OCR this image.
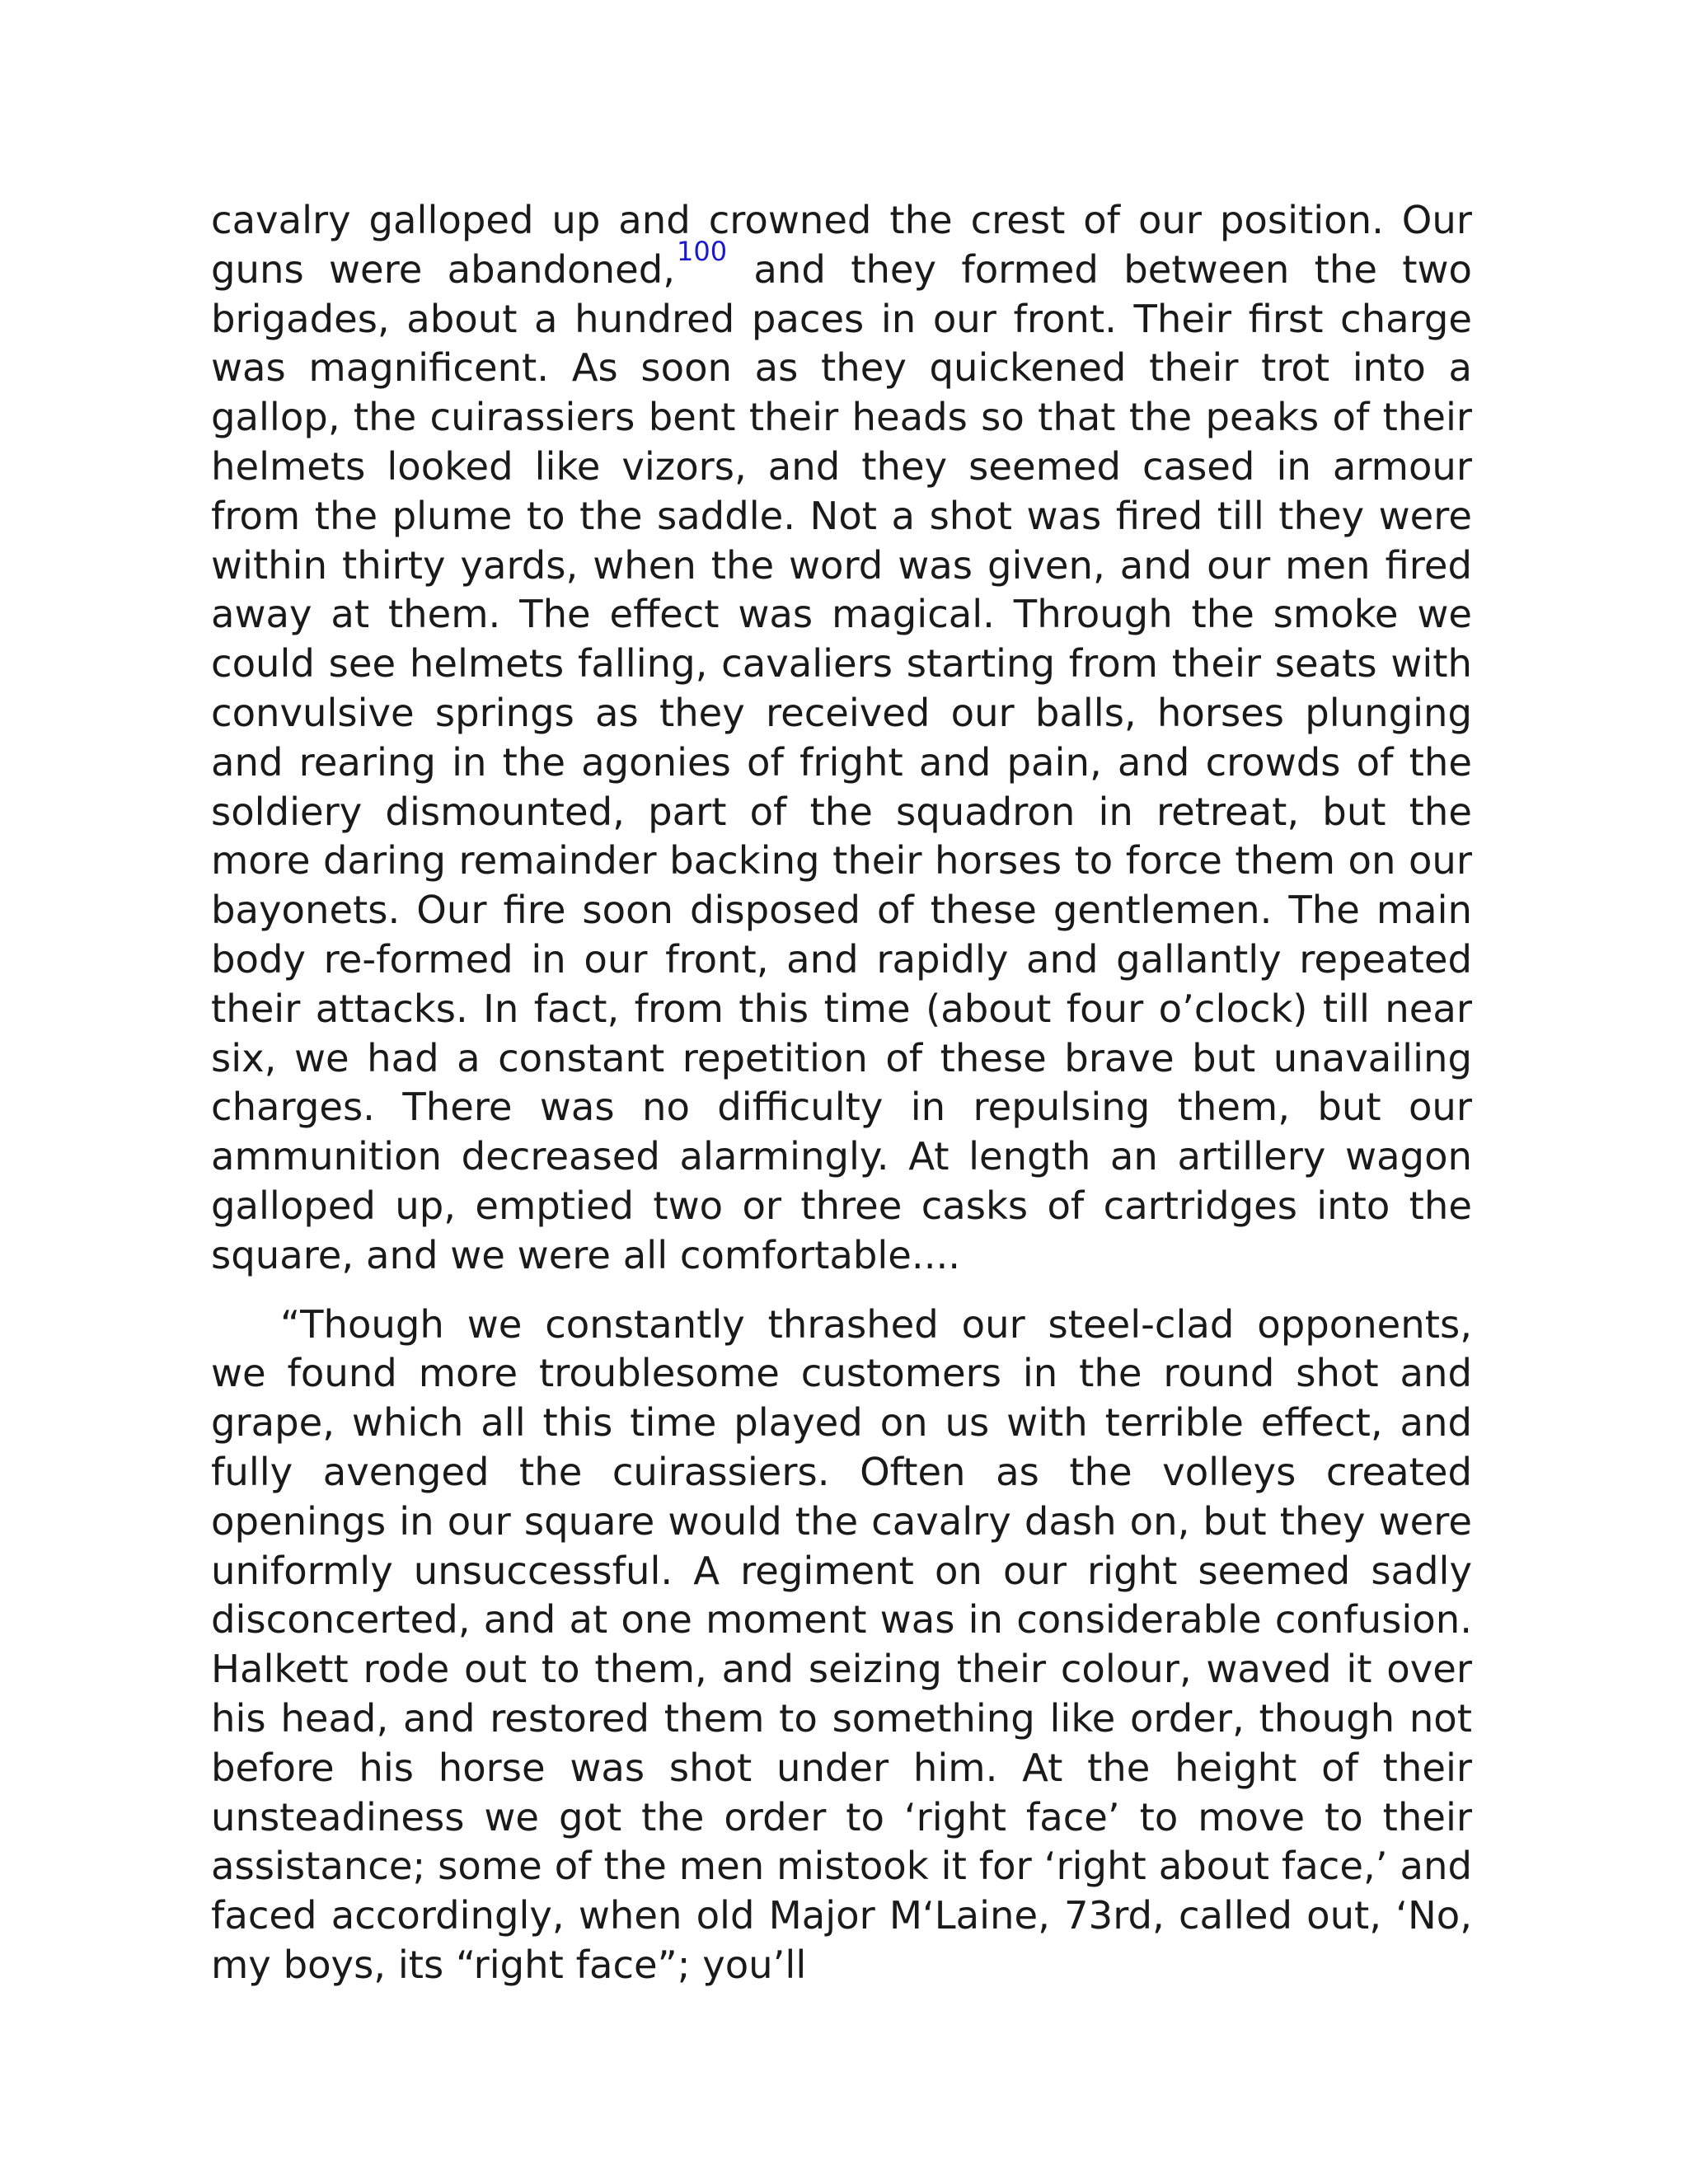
cavalry galloped up and crowned the crest of our position. Our guns were abandoned,$^{100}$ and they formed between the two brigades, about a hundred paces in our front. Their first charge was magnificent. As soon as they quickened their trot into a gallop, the cuirassiers bent their heads so that the peaks of their helmets looked like vizors, and they seemed cased in armour from the plume to the saddle. Not a shot was fired till they were within thirty yards, when the word was given, and our men fired away at them. The effect was magical. Through the smoke we could see helmets falling, cavaliers starting from their seats with convulsive springs as they received our balls, horses plunging and rearing in the agonies of fright and pain, and crowds of the soldiery dismounted, part of the squadron in retreat, but the more daring remainder backing their horses to force them on our bayonets. Our fire soon disposed of these gentlemen. The main body re-formed in our front, and rapidly and gallantly repeated their attacks. In fact, from this time (about four o’clock) till near six, we had a constant repetition of these brave but unavailing charges. There was no difficulty in repulsing them, but our ammunition decreased alarmingly. At length an artillery wagon galloped up, emptied two or three casks of cartridges into the square, and we were all comfortable....

“Though we constantly thrashed our steel-clad opponents, we found more troublesome customers in the round shot and grape, which all this time played on us with terrible effect, and fully avenged the cuirassiers. Often as the volleys created openings in our square would the cavalry dash on, but they were uniformly unsuccessful. A regiment on our right seemed sadly disconcerted, and at one moment was in considerable confusion. Halkett rode out to them, and seizing their colour, waved it over his head, and restored them to something like order, though not before his horse was shot under him. At the height of their unsteadiness we got the order to ‘right face’ to move to their assistance; some of the men mistook it for ‘right about face,’ and faced accordingly, when old Major M‘Laine, 73rd, called out, ‘No, my boys, its “right face”; you’ll
